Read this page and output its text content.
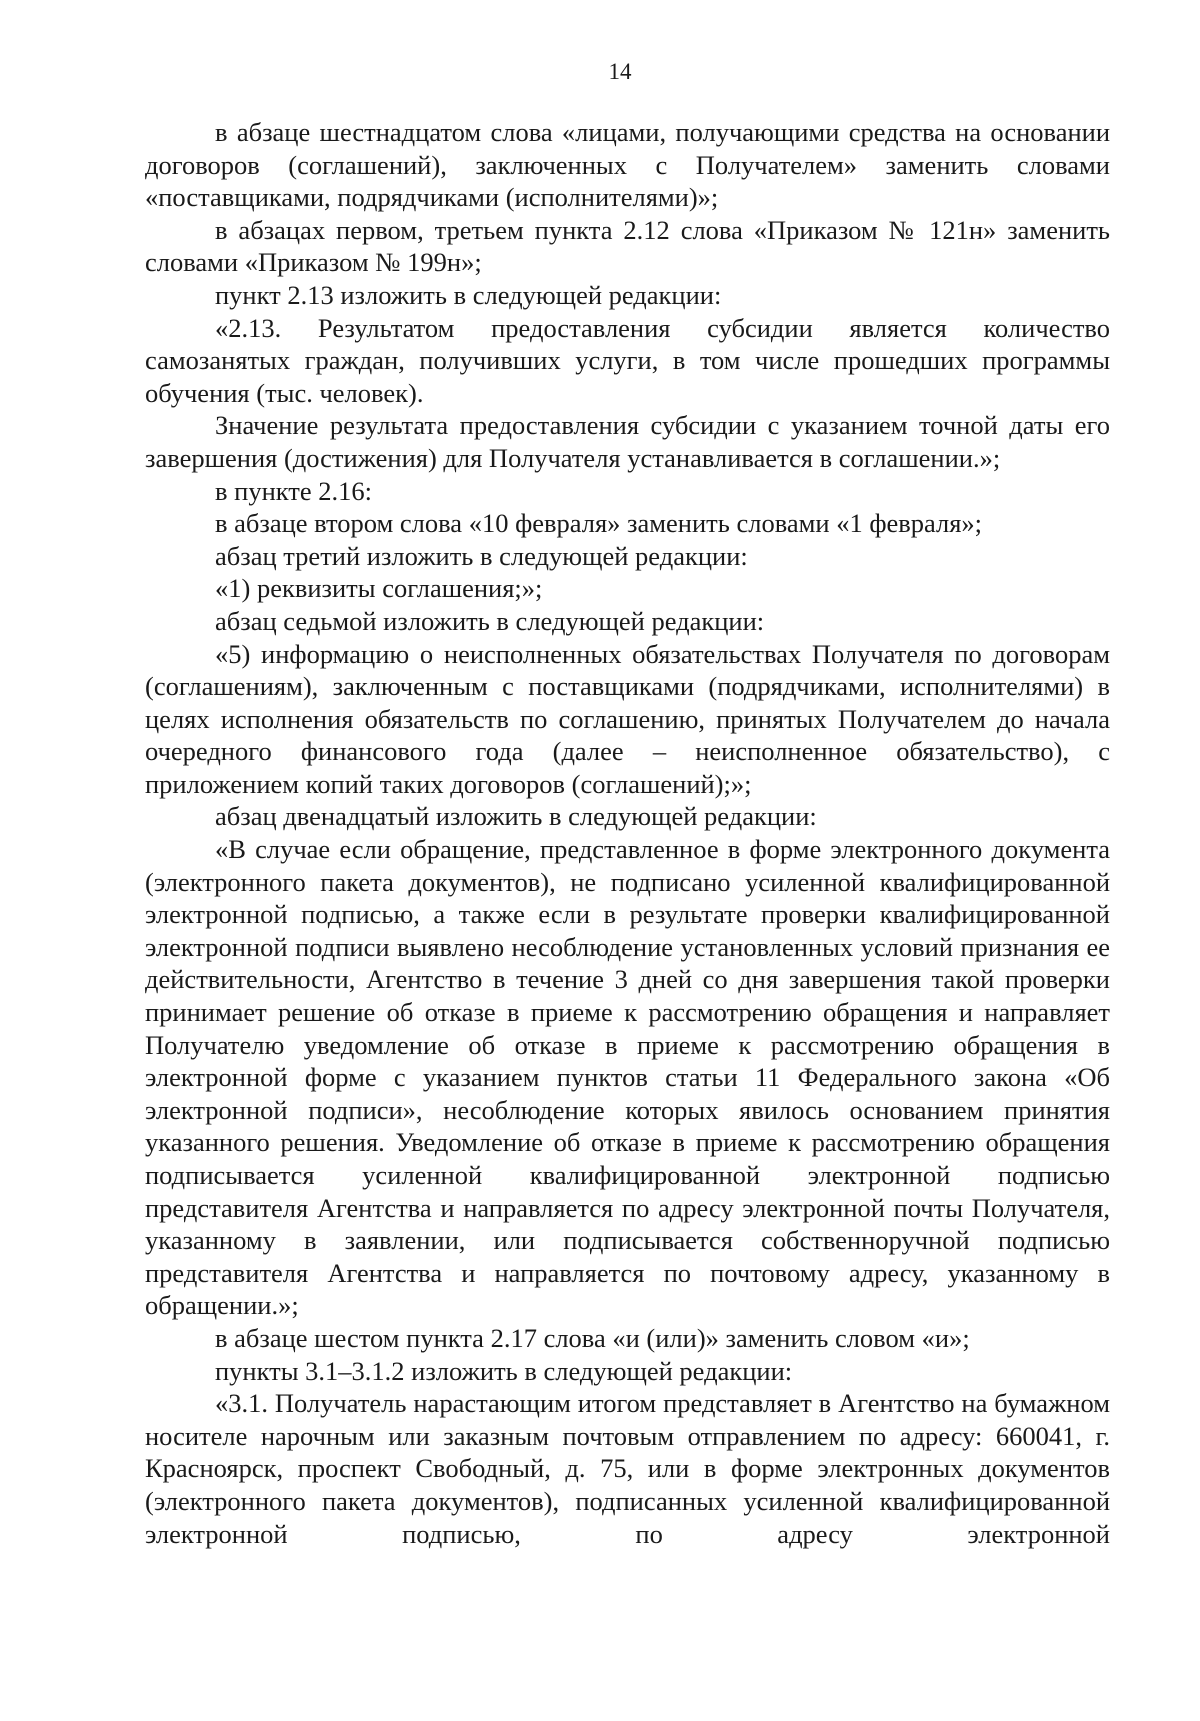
14

в абзаце шестнадцатом слова «лицами, получающими средства на основании договоров (соглашений), заключенных с Получателем» заменить словами «поставщиками, подрядчиками (исполнителями)»;

в абзацах первом, третьем пункта 2.12 слова «Приказом № 121н» заменить словами «Приказом № 199н»;

пункт 2.13 изложить в следующей редакции:

«2.13. Результатом предоставления субсидии является количество самозанятых граждан, получивших услуги, в том числе прошедших программы обучения (тыс. человек).

Значение результата предоставления субсидии с указанием точной даты его завершения (достижения) для Получателя устанавливается в соглашении.»;

в пункте 2.16:

в абзаце втором слова «10 февраля» заменить словами «1 февраля»;

абзац третий изложить в следующей редакции:

«1) реквизиты соглашения;»;

абзац седьмой изложить в следующей редакции:

«5) информацию о неисполненных обязательствах Получателя по договорам (соглашениям), заключенным с поставщиками (подрядчиками, исполнителями) в целях исполнения обязательств по соглашению, принятых Получателем до начала очередного финансового года (далее – неисполненное обязательство), с приложением копий таких договоров (соглашений);»;

абзац двенадцатый изложить в следующей редакции:

«В случае если обращение, представленное в форме электронного документа (электронного пакета документов), не подписано усиленной квалифицированной электронной подписью, а также если в результате проверки квалифицированной электронной подписи выявлено несоблюдение установленных условий признания ее действительности, Агентство в течение 3 дней со дня завершения такой проверки принимает решение об отказе в приеме к рассмотрению обращения и направляет Получателю уведомление об отказе в приеме к рассмотрению обращения в электронной форме с указанием пунктов статьи 11 Федерального закона «Об электронной подписи», несоблюдение которых явилось основанием принятия указанного решения. Уведомление об отказе в приеме к рассмотрению обращения подписывается усиленной квалифицированной электронной подписью представителя Агентства и направляется по адресу электронной почты Получателя, указанному в заявлении, или подписывается собственноручной подписью представителя Агентства и направляется по почтовому адресу, указанному в обращении.»;

в абзаце шестом пункта 2.17 слова «и (или)» заменить словом «и»;

пункты 3.1–3.1.2 изложить в следующей редакции:

«3.1. Получатель нарастающим итогом представляет в Агентство на бумажном носителе нарочным или заказным почтовым отправлением по адресу: 660041, г. Красноярск, проспект Свободный, д. 75, или в форме электронных документов (электронного пакета документов), подписанных усиленной квалифицированной электронной подписью, по адресу электронной
